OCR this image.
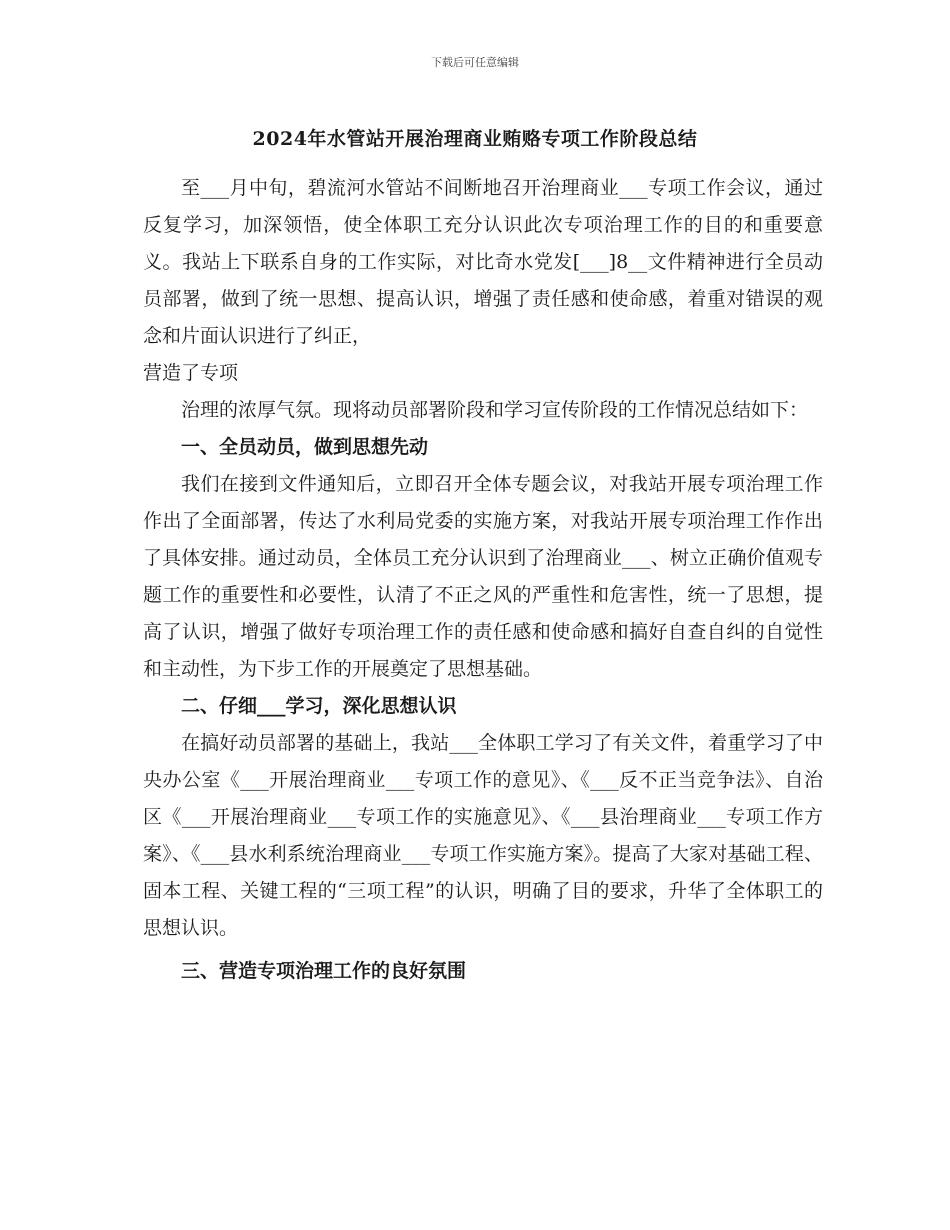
下载后可任意编辑
2024年水管站开展治理商业贿赂专项工作阶段总结

至___月中旬，碧流河水管站不间断地召开治理商业___专项工作会议，通过反复学习，加深领悟，使全体职工充分认识此次专项治理工作的目的和重要意义。我站上下联系自身的工作实际，对比奇水党发[___]8__文件精神进行全员动员部署，做到了统一思想、提高认识，增强了责任感和使命感，着重对错误的观念和片面认识进行了纠正，

营造了专项

治理的浓厚气氛。现将动员部署阶段和学习宣传阶段的工作情况总结如下：

一、全员动员，做到思想先动

我们在接到文件通知后，立即召开全体专题会议，对我站开展专项治理工作作出了全面部署，传达了水利局党委的实施方案，对我站开展专项治理工作作出了具体安排。通过动员，全体员工充分认识到了治理商业___、树立正确价值观专题工作的重要性和必要性，认清了不正之风的严重性和危害性，统一了思想，提高了认识，增强了做好专项治理工作的责任感和使命感和搞好自查自纠的自觉性和主动性，为下步工作的开展奠定了思想基础。

二、仔细___学习，深化思想认识

在搞好动员部署的基础上，我站___全体职工学习了有关文件，着重学习了中央办公室《___开展治理商业___专项工作的意见》、《___反不正当竞争法》、自治区《___开展治理商业___专项工作的实施意见》、《___县治理商业___专项工作方案》、《___县水利系统治理商业___专项工作实施方案》。提高了大家对基础工程、固本工程、关键工程的“三项工程”的认识，明确了目的要求，升华了全体职工的思想认识。

三、营造专项治理工作的良好氛围
